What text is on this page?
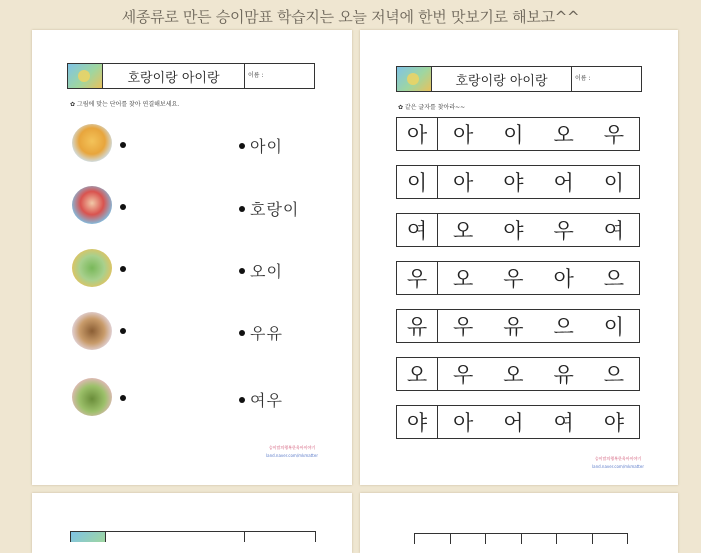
세종류로 만든 승이맘표 학습지는 오늘 저녁에 한번 맛보기로 해보고^^
호랑이랑 아이랑	이름 :
✿ 그림에 맞는 단어를 찾아 연결해보세요.
아이
호랑이
오이
우유
여우
승이맘의행복한육아이야기
land.naver.com/mkmatter
호랑이랑 아이랑	이름 :
✿ 같은 글자를 찾아라~~
아	아 이 오 우
이	아 야 어 이
여	오 야 우 여
우	오 우 아 으
유	우 유 으 이
오	우 오 유 으
야	아 어 여 야
승이맘의행복한육아이야기
land.naver.com/mkmatter
